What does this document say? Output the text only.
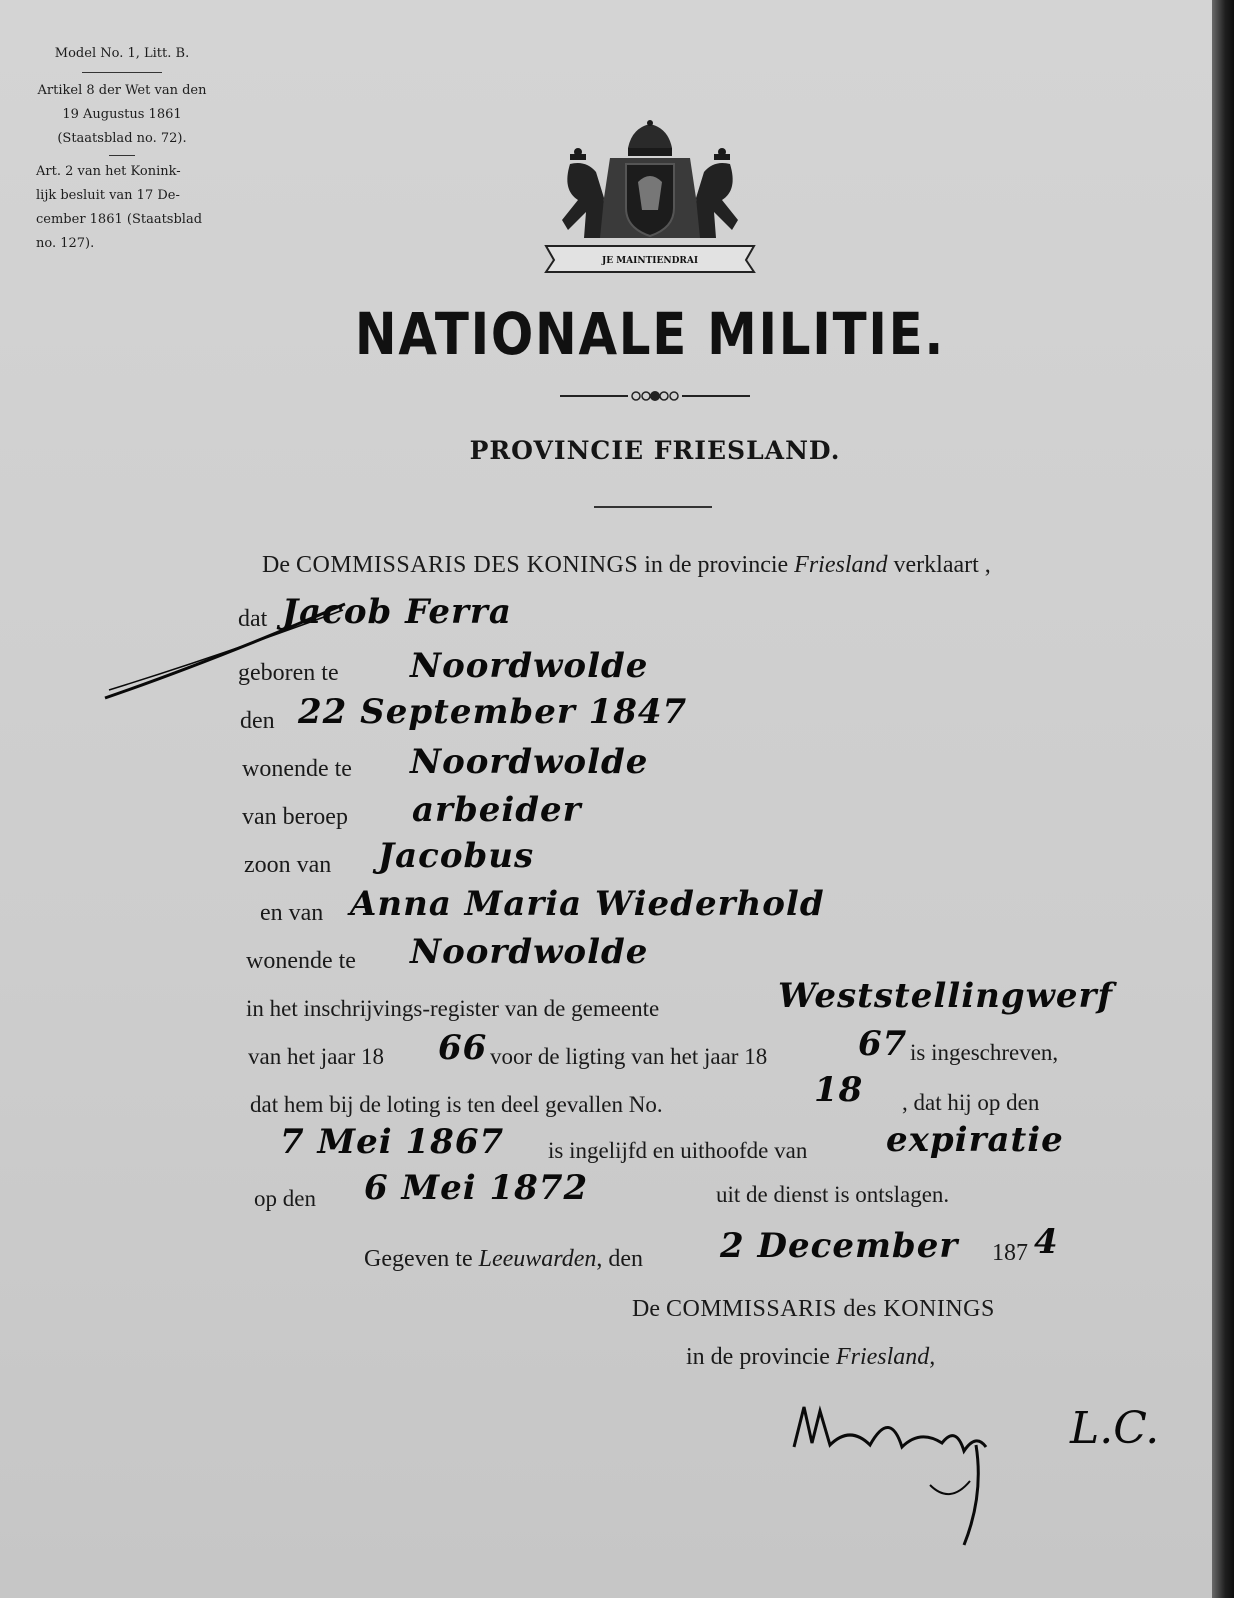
Model No. 1, Litt. B.
Artikel 8 der Wet van den
19 Augustus 1861
(Staatsblad no. 72).
Art. 2 van het Konink-
lijk besluit van 17 De-
cember 1861 (Staatsblad
no. 127).
JE MAINTIENDRAI
NATIONALE MILITIE.
PROVINCIE FRIESLAND.
De COMMISSARIS DES KONINGS in de provincie Friesland verklaart ,
dat Jacob Ferra
geboren te Noordwolde
den 22 September 1847
wonende te Noordwolde
van beroep arbeider
zoon van Jacobus
en van Anna Maria Wiederhold
wonende te Noordwolde
in het inschrijvings-register van de gemeente	Weststellingwerf
van het jaar 18 66 voor de ligting van het jaar 18	67 is ingeschreven,
dat hem bij de loting is ten deel gevallen No.	18 , dat hij op den
7 Mei 1867 is ingelijfd en uithoofde van expiratie
op den 6 Mei 1872	uit de dienst is ontslagen.
Gegeven te Leeuwarden, den 2 December 187 4
De COMMISSARIS des KONINGS
in de provincie Friesland,
L.C.
